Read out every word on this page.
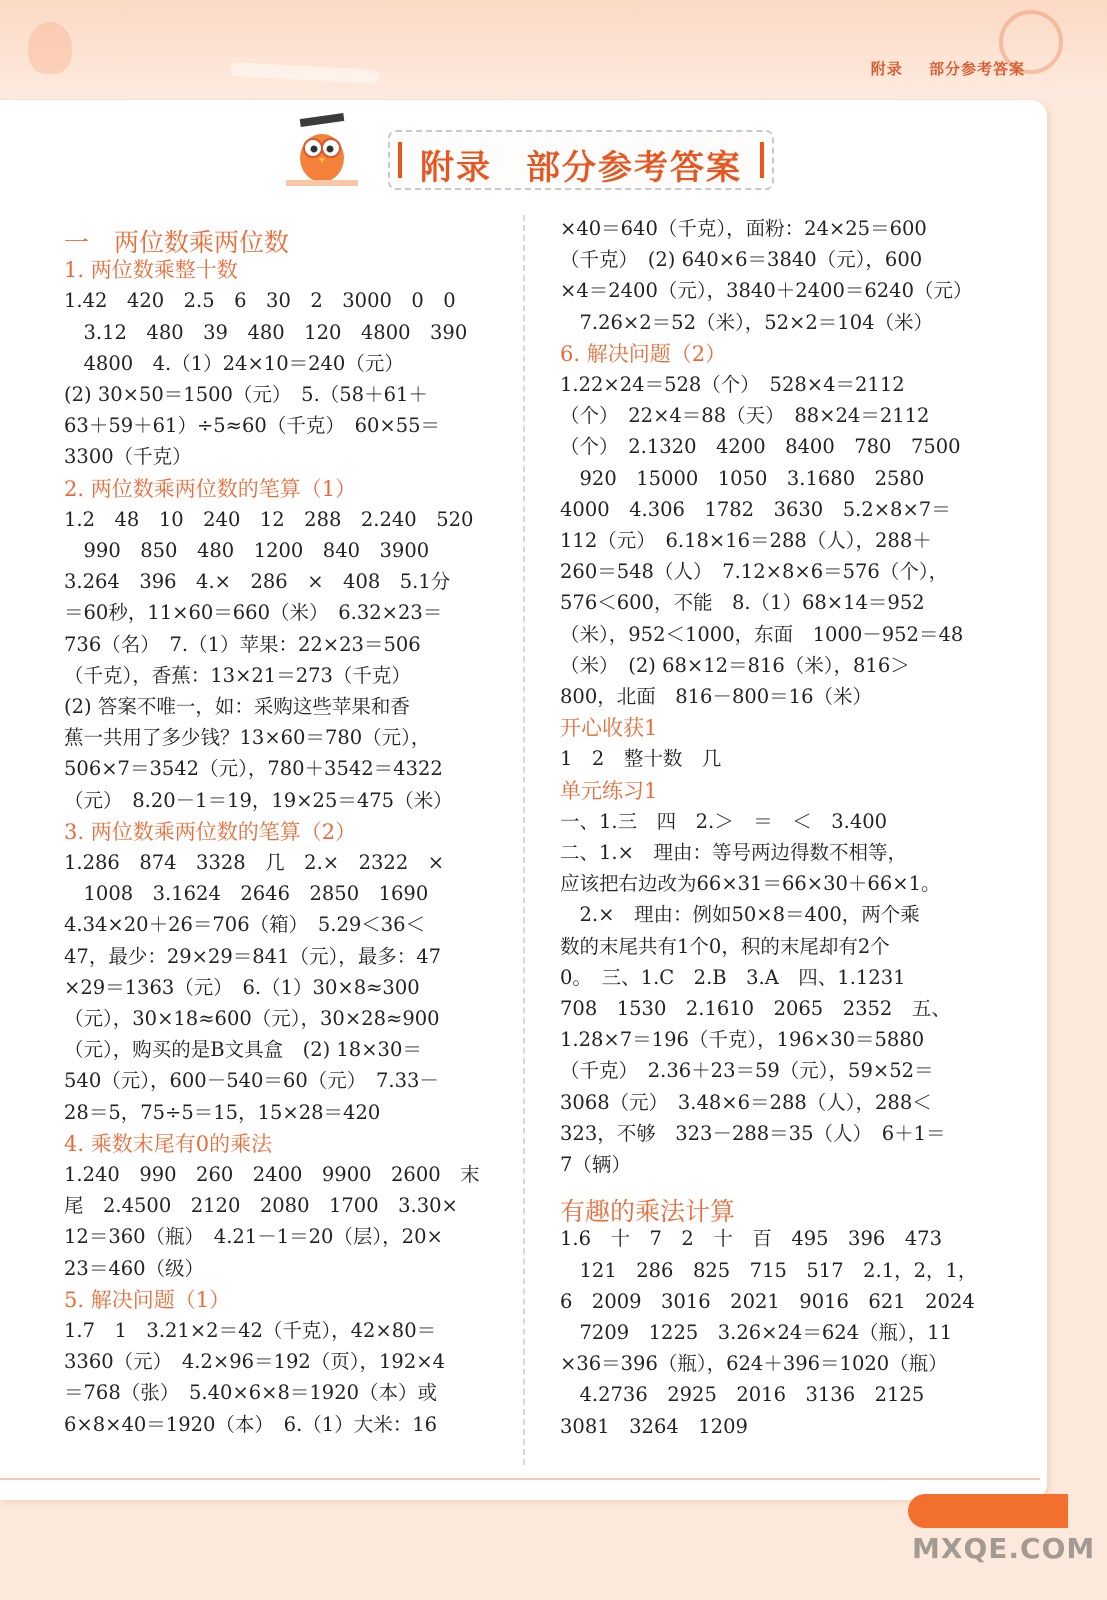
附录 部分参考答案
附录 部分参考答案
一　两位数乘两位数
1. 两位数乘整十数
1.42　420　2.5　6　30　2　3000　0　0
　3.12　480　39　480　120　4800　390
　4800　4.（1）24×10＝240（元）
(2) 30×50＝1500（元）　5.（58＋61＋
63＋59＋61）÷5≈60（千克）　60×55＝
3300（千克）
2. 两位数乘两位数的笔算（1）
1.2　48　10　240　12　288　2.240　520
　990　850　480　1200　840　3900
3.264　396　4.×　286　×　408　5.1分
＝60秒，11×60＝660（米）　6.32×23＝
736（名）　7.（1）苹果：22×23＝506
（千克），香蕉：13×21＝273（千克）
(2) 答案不唯一，如：采购这些苹果和香
蕉一共用了多少钱？13×60＝780（元），
506×7＝3542（元），780＋3542＝4322
（元）　8.20－1＝19，19×25＝475（米）
3. 两位数乘两位数的笔算（2）
1.286　874　3328　几　2.×　2322　×
　1008　3.1624　2646　2850　1690
4.34×20＋26＝706（箱）　5.29＜36＜
47，最少：29×29＝841（元），最多：47
×29＝1363（元）　6.（1）30×8≈300
（元），30×18≈600（元），30×28≈900
（元），购买的是B文具盒　(2) 18×30＝
540（元），600－540＝60（元）　7.33－
28＝5，75÷5＝15，15×28＝420
4. 乘数末尾有0的乘法
1.240　990　260　2400　9900　2600　末
尾　2.4500　2120　2080　1700　3.30×
12＝360（瓶）　4.21－1＝20（层），20×
23＝460（级）
5. 解决问题（1）
1.7　1　3.21×2＝42（千克），42×80＝
3360（元）　4.2×96＝192（页），192×4
＝768（张）　5.40×6×8＝1920（本）或
6×8×40＝1920（本）　6.（1）大米：16
×40＝640（千克），面粉：24×25＝600
（千克）　(2) 640×6＝3840（元），600
×4＝2400（元），3840＋2400＝6240（元）
　7.26×2＝52（米），52×2＝104（米）
6. 解决问题（2）
1.22×24＝528（个）　528×4＝2112
（个）　22×4＝88（天）　88×24＝2112
（个）　2.1320　4200　8400　780　7500
　920　15000　1050　3.1680　2580
4000　4.306　1782　3630　5.2×8×7＝
112（元）　6.18×16＝288（人），288＋
260＝548（人）　7.12×8×6＝576（个），
576＜600，不能　8.（1）68×14＝952
（米），952＜1000，东面　1000－952＝48
（米）　(2) 68×12＝816（米），816＞
800，北面　816－800＝16（米）
开心收获1
1　2　整十数　几
单元练习1
一、1.三　四　2.＞　＝　＜　3.400
二、1.×　理由：等号两边得数不相等，
应该把右边改为66×31＝66×30＋66×1。
　2.×　理由：例如50×8＝400，两个乘
数的末尾共有1个0，积的末尾却有2个
0。　三、1.C　2.B　3.A　四、1.1231
708　1530　2.1610　2065　2352　五、
1.28×7＝196（千克），196×30＝5880
（千克）　2.36＋23＝59（元），59×52＝
3068（元）　3.48×6＝288（人），288＜
323，不够　323－288＝35（人）　6＋1＝
7（辆）
有趣的乘法计算
1.6　十　7　2　十　百　495　396　473
　121　286　825　715　517　2.1，2，1，
6　2009　3016　2021　9016　621　2024
　7209　1225　3.26×24＝624（瓶），11
×36＝396（瓶），624＋396＝1020（瓶）
　4.2736　2925　2016　3136　2125
3081　3264　1209
MXQE.COM
